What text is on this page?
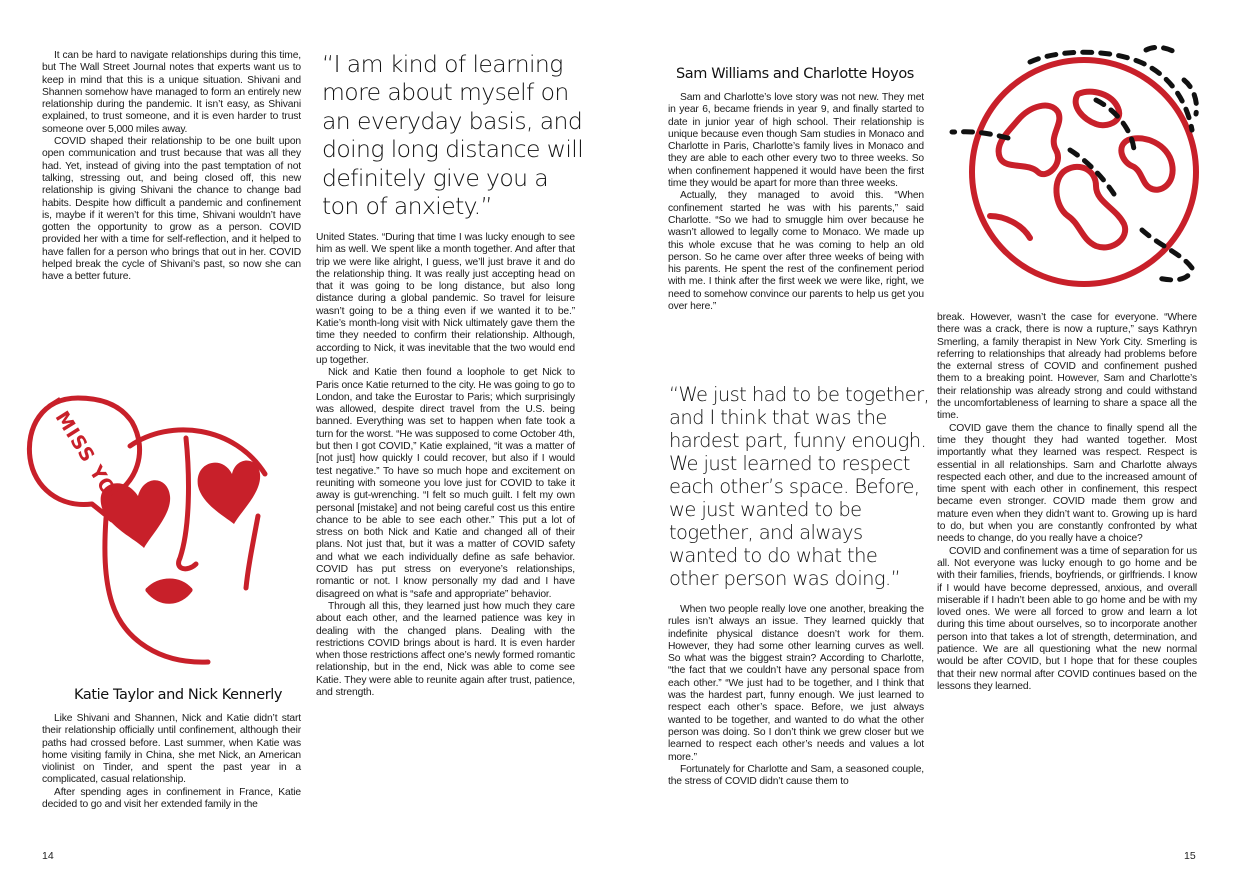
It can be hard to navigate relationships during this time, but The Wall Street Journal notes that experts want us to keep in mind that this is a unique situation. Shivani and Shannen somehow have managed to form an entirely new relationship during the pandemic. It isn’t easy, as Shivani explained, to trust someone, and it is even harder to trust someone over 5,000 miles away.

COVID shaped their relationship to be one built upon open communication and trust because that was all they had. Yet, instead of giving into the past temptation of not talking, stressing out, and being closed off, this new relationship is giving Shivani the chance to change bad habits. Despite how difficult a pandemic and confinement is, maybe if it weren’t for this time, Shivani wouldn’t have gotten the opportunity to grow as a person. COVID provided her with a time for self-reflection, and it helped to have fallen for a person who brings that out in her. COVID helped break the cycle of Shivani’s past, so now she can have a better future.

I MISS YOU
Katie Taylor and Nick Kennerly

Like Shivani and Shannen, Nick and Katie didn’t start their relationship officially until confinement, although their paths had crossed before. Last summer, when Katie was home visiting family in China, she met Nick, an American violinist on Tinder, and spent the past year in a complicated, casual relationship.

After spending ages in confinement in France, Katie decided to go and visit her extended family in the

“I am kind of learning more about myself on an everyday basis, and doing long distance will definitely give you a ton of anxiety.”

United States. “During that time I was lucky enough to see him as well. We spent like a month together. And after that trip we were like alright, I guess, we’ll just brave it and do the relationship thing. It was really just accepting head on that it was going to be long distance, but also long distance during a global pandemic. So travel for leisure wasn’t going to be a thing even if we wanted it to be.” Katie’s month-long visit with Nick ultimately gave them the time they needed to confirm their relationship. Although, according to Nick, it was inevitable that the two would end up together.

Nick and Katie then found a loophole to get Nick to Paris once Katie returned to the city. He was going to go to London, and take the Eurostar to Paris; which surprisingly was allowed, despite direct travel from the U.S. being banned. Everything was set to happen when fate took a turn for the worst. “He was supposed to come October 4th, but then I got COVID,” Katie explained, “it was a matter of [not just] how quickly I could recover, but also if I would test negative.” To have so much hope and excitement on reuniting with someone you love just for COVID to take it away is gut-wrenching. “I felt so much guilt. I felt my own personal [mistake] and not being careful cost us this entire chance to be able to see each other.” This put a lot of stress on both Nick and Katie and changed all of their plans. Not just that, but it was a matter of COVID safety and what we each individually define as safe behavior. COVID has put stress on everyone’s relationships, romantic or not. I know personally my dad and I have disagreed on what is “safe and appropriate” behavior.

Through all this, they learned just how much they care about each other, and the learned patience was key in dealing with the changed plans. Dealing with the restrictions COVID brings about is hard. It is even harder when those restrictions affect one’s newly formed romantic relationship, but in the end, Nick was able to come see Katie. They were able to reunite again after trust, patience, and strength.

14
Sam Williams and Charlotte Hoyos

Sam and Charlotte’s love story was not new. They met in year 6, became friends in year 9, and finally started to date in junior year of high school. Their relationship is unique because even though Sam studies in Monaco and Charlotte in Paris, Charlotte’s family lives in Monaco and they are able to each other every two to three weeks. So when confinement happened it would have been the first time they would be apart for more than three weeks.

Actually, they managed to avoid this. “When confinement started he was with his parents,” said Charlotte. “So we had to smuggle him over because he wasn’t allowed to legally come to Monaco. We made up this whole excuse that he was coming to help an old person. So he came over after three weeks of being with his parents. He spent the rest of the confinement period with me. I think after the first week we were like, right, we need to somehow convince our parents to help us get you over here.”

“We just had to be together, and I think that was the hardest part, funny enough. We just learned to respect each other’s space. Before, we just wanted to be together, and always wanted to do what the other person was doing.”

When two people really love one another, breaking the rules isn’t always an issue. They learned quickly that indefinite physical distance doesn’t work for them. However, they had some other learning curves as well. So what was the biggest strain? According to Charlotte, “the fact that we couldn’t have any personal space from each other.” “We just had to be together, and I think that was the hardest part, funny enough. We just learned to respect each other’s space. Before, we just always wanted to be together, and wanted to do what the other person was doing. So I don’t think we grew closer but we learned to respect each other’s needs and values a lot more.”

Fortunately for Charlotte and Sam, a seasoned couple, the stress of COVID didn’t cause them to

break. However, wasn’t the case for everyone. “Where there was a crack, there is now a rupture,” says Kathryn Smerling, a family therapist in New York City. Smerling is referring to relationships that already had problems before the external stress of COVID and confinement pushed them to a breaking point. However, Sam and Charlotte’s their relationship was already strong and could withstand the uncomfortableness of learning to share a space all the time.

COVID gave them the chance to finally spend all the time they thought they had wanted together. Most importantly what they learned was respect. Respect is essential in all relationships. Sam and Charlotte always respected each other, and due to the increased amount of time spent with each other in confinement, this respect became even stronger. COVID made them grow and mature even when they didn’t want to. Growing up is hard to do, but when you are constantly confronted by what needs to change, do you really have a choice?

COVID and confinement was a time of separation for us all. Not everyone was lucky enough to go home and be with their families, friends, boyfriends, or girlfriends. I know if I would have become depressed, anxious, and overall miserable if I hadn’t been able to go home and be with my loved ones. We were all forced to grow and learn a lot during this time about ourselves, so to incorporate another person into that takes a lot of strength, determination, and patience. We are all questioning what the new normal would be after COVID, but I hope that for these couples that their new normal after COVID continues based on the lessons they learned.

15
